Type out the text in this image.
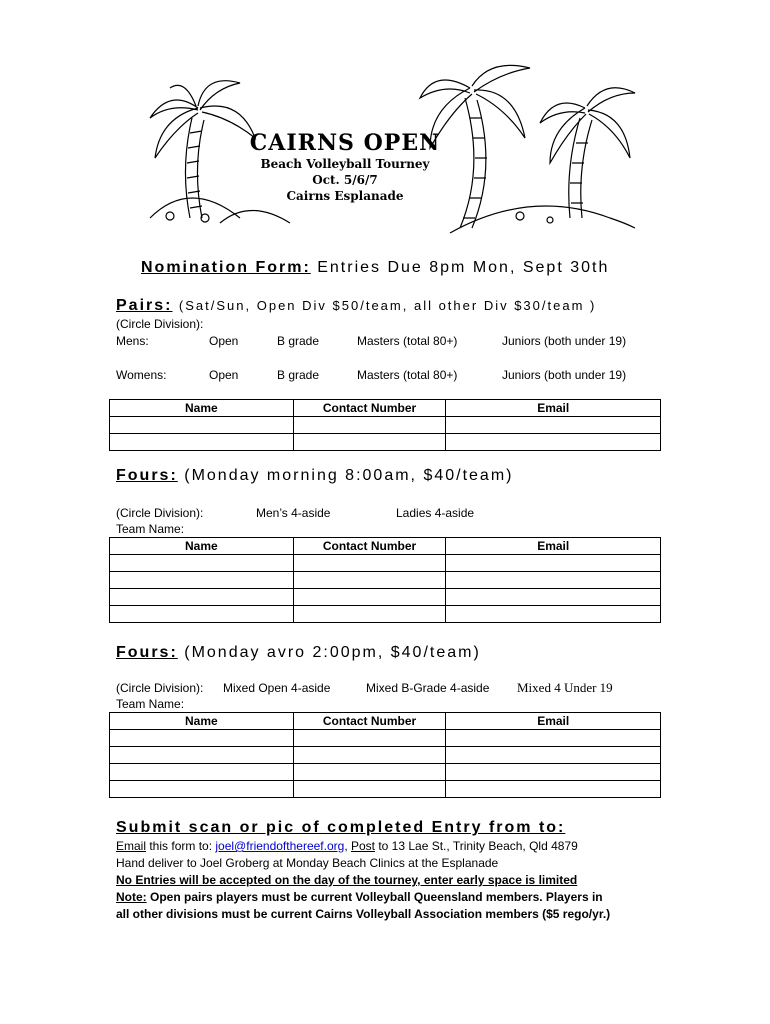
CAIRNS OPEN
Beach Volleyball Tourney
Oct. 5/6/7
Cairns Esplanade
Nomination Form: Entries Due 8pm Mon, Sept 30th
Pairs: (Sat/Sun, Open Div $50/team, all other Div $30/team )
(Circle Division):
Mens:	Open	B grade	Masters (total 80+)	Juniors (both under 19)
Womens:	Open	B grade	Masters (total 80+)	Juniors (both under 19)
Name	Contact Number	Email

Fours: (Monday morning 8:00am, $40/team)
(Circle Division):	Men’s 4-aside	Ladies 4-aside
Team Name:
Name	Contact Number	Email

Fours: (Monday avro 2:00pm, $40/team)
(Circle Division): Mixed Open 4-aside	Mixed B-Grade 4-aside Mixed 4 Under 19
Team Name:
Name	Contact Number	Email

Submit scan or pic of completed Entry from to:
Email this form to: joel@friendofthereef.org, Post to 13 Lae St., Trinity Beach, Qld 4879
Hand deliver to Joel Groberg at Monday Beach Clinics at the Esplanade
No Entries will be accepted on the day of the tourney, enter early space is limited
Note: Open pairs players must be current Volleyball Queensland members. Players in
all other divisions must be current Cairns Volleyball Association members ($5 rego/yr.)
